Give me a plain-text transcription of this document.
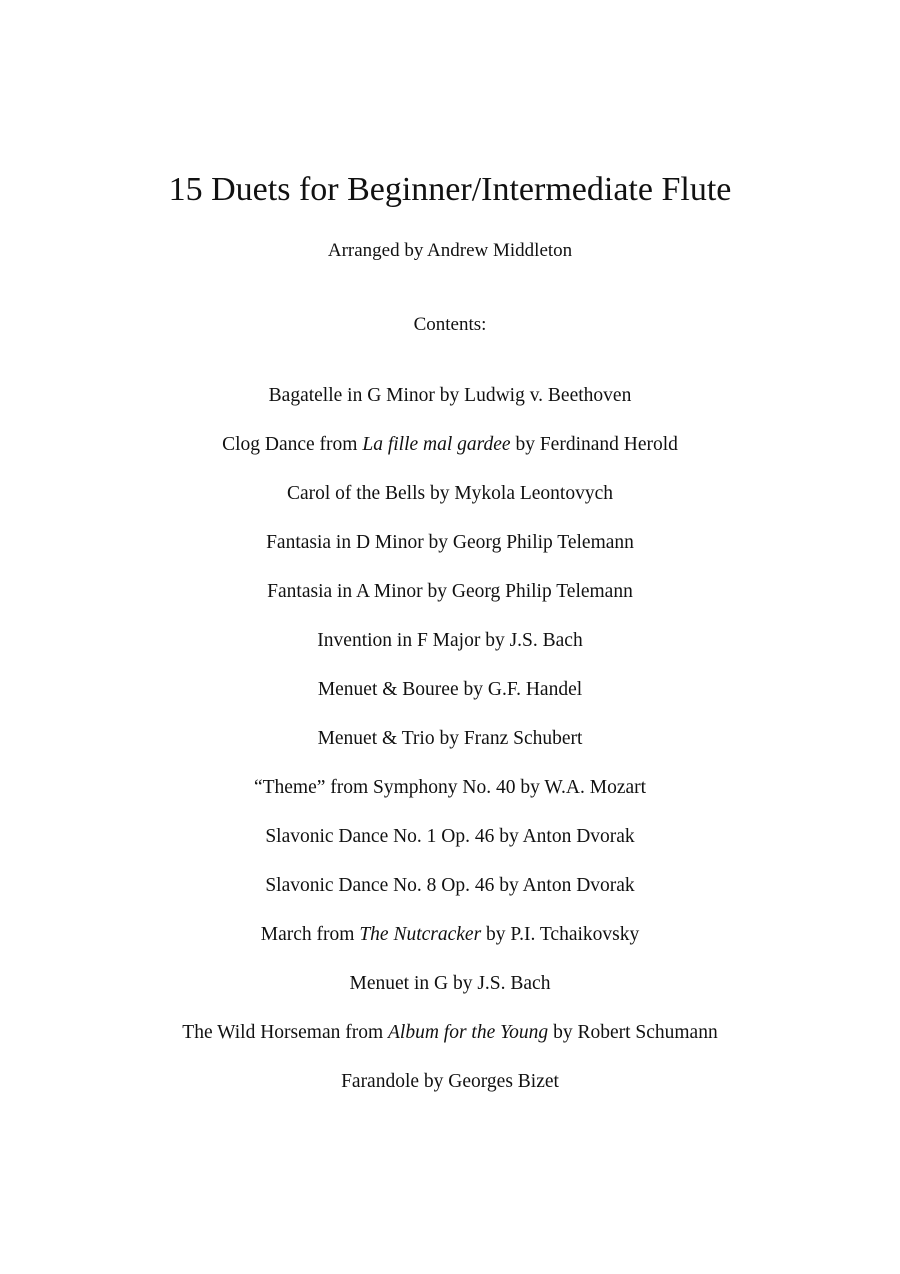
15 Duets for Beginner/Intermediate Flute
Arranged by Andrew Middleton
Contents:
Bagatelle in G Minor by Ludwig v. Beethoven
Clog Dance from La fille mal gardee by Ferdinand Herold
Carol of the Bells by Mykola Leontovych
Fantasia in D Minor by Georg Philip Telemann
Fantasia in A Minor by Georg Philip Telemann
Invention in F Major by J.S. Bach
Menuet & Bouree by G.F. Handel
Menuet & Trio by Franz Schubert
“Theme” from Symphony No. 40 by W.A. Mozart
Slavonic Dance No. 1 Op. 46 by Anton Dvorak
Slavonic Dance No. 8 Op. 46 by Anton Dvorak
March from The Nutcracker by P.I. Tchaikovsky
Menuet in G by J.S. Bach
The Wild Horseman from Album for the Young by Robert Schumann
Farandole by Georges Bizet
